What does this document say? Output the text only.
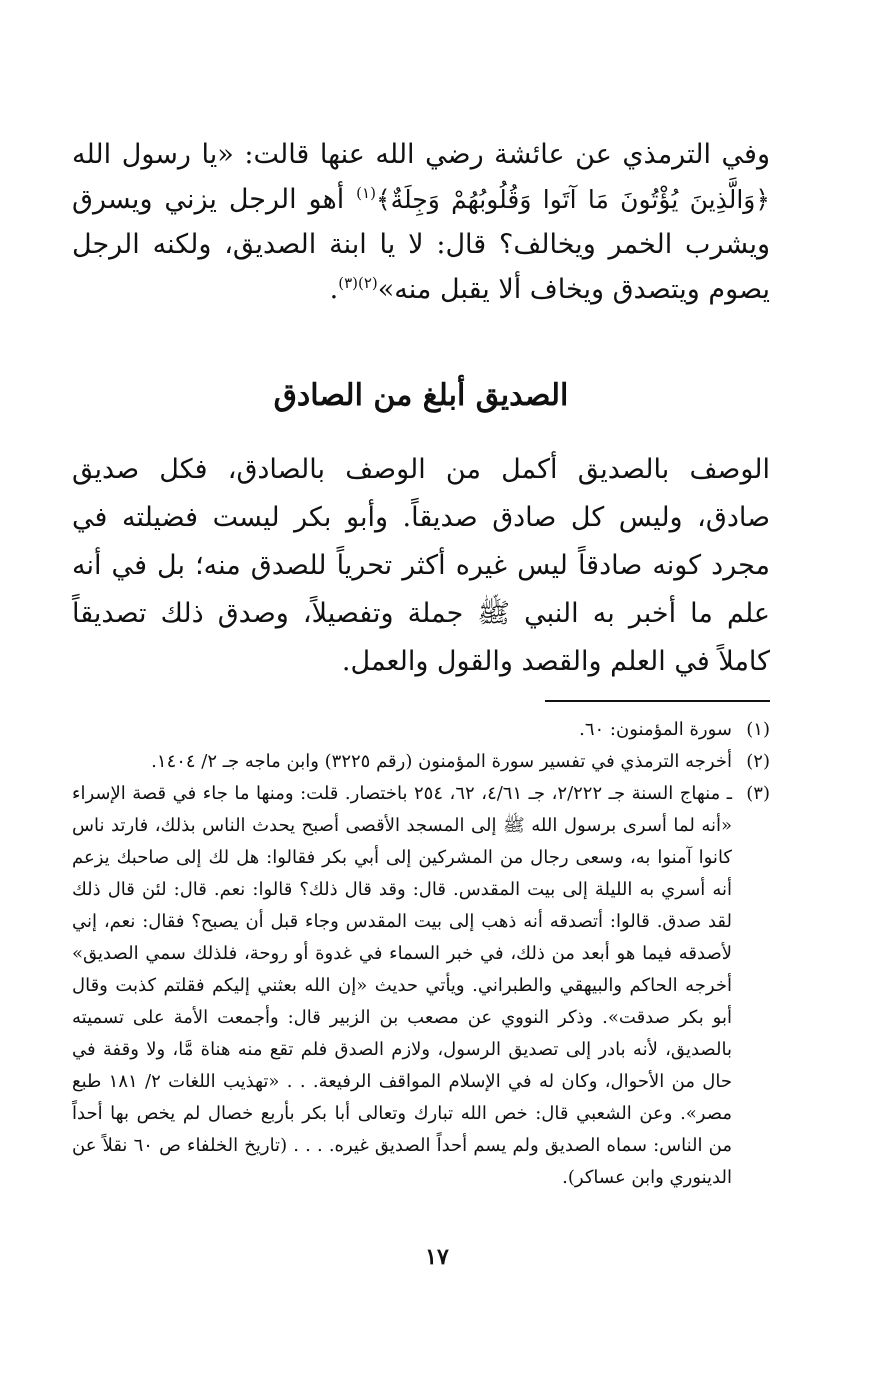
وفي الترمذي عن عائشة رضي الله عنها قالت: «يا رسول الله ﴿وَالَّذِينَ يُؤْتُونَ مَا آتَوا وَقُلُوبُهُمْ وَجِلَةٌ﴾$^{(١)}$ أهو الرجل يزني ويسرق ويشرب الخمر ويخالف؟ قال: لا يا ابنة الصديق، ولكنه الرجل يصوم ويتصدق ويخاف ألا يقبل منه»$^{(٢)(٣)}$.

الصديق أبلغ من الصادق

الوصف بالصديق أكمل من الوصف بالصادق، فكل صديق صادق، وليس كل صادق صديقاً. وأبو بكر ليست فضيلته في مجرد كونه صادقاً ليس غيره أكثر تحرياً للصدق منه؛ بل في أنه علم ما أخبر به النبي ﷺ جملة وتفصيلاً، وصدق ذلك تصديقاً كاملاً في العلم والقصد والقول والعمل.

(١)
سورة المؤمنون: ٦٠.
(٢)
أخرجه الترمذي في تفسير سورة المؤمنون (رقم ٣٢٢٥) وابن ماجه جـ ٢/ ١٤٠٤.
(٣)
ـ منهاج السنة جـ ٢/٢٢٢، جـ ٤/٦١، ٦٢، ٢٥٤ باختصار. قلت: ومنها ما جاء في قصة الإسراء «أنه لما أسرى برسول الله ﷺ إلى المسجد الأقصى أصبح يحدث الناس بذلك، فارتد ناس كانوا آمنوا به، وسعى رجال من المشركين إلى أبي بكر فقالوا: هل لك إلى صاحبك يزعم أنه أسري به الليلة إلى بيت المقدس. قال: وقد قال ذلك؟ قالوا: نعم. قال: لئن قال ذلك لقد صدق. قالوا: أتصدقه أنه ذهب إلى بيت المقدس وجاء قبل أن يصبح؟ فقال: نعم، إني لأصدقه فيما هو أبعد من ذلك، في خبر السماء في غدوة أو روحة، فلذلك سمي الصديق» أخرجه الحاكم والبيهقي والطبراني. ويأتي حديث «إن الله بعثني إليكم فقلتم كذبت وقال أبو بكر صدقت». وذكر النووي عن مصعب بن الزبير قال: وأجمعت الأمة على تسميته بالصديق، لأنه بادر إلى تصديق الرسول، ولازم الصدق فلم تقع منه هناة مَّا، ولا وقفة في حال من الأحوال، وكان له في الإسلام المواقف الرفيعة. . . «تهذيب اللغات ٢/ ١٨١ طبع مصر». وعن الشعبي قال: خص الله تبارك وتعالى أبا بكر بأربع خصال لم يخص بها أحداً من الناس: سماه الصديق ولم يسم أحداً الصديق غيره. . . . (تاريخ الخلفاء ص ٦٠ نقلاً عن الدينوري وابن عساكر).
١٧
